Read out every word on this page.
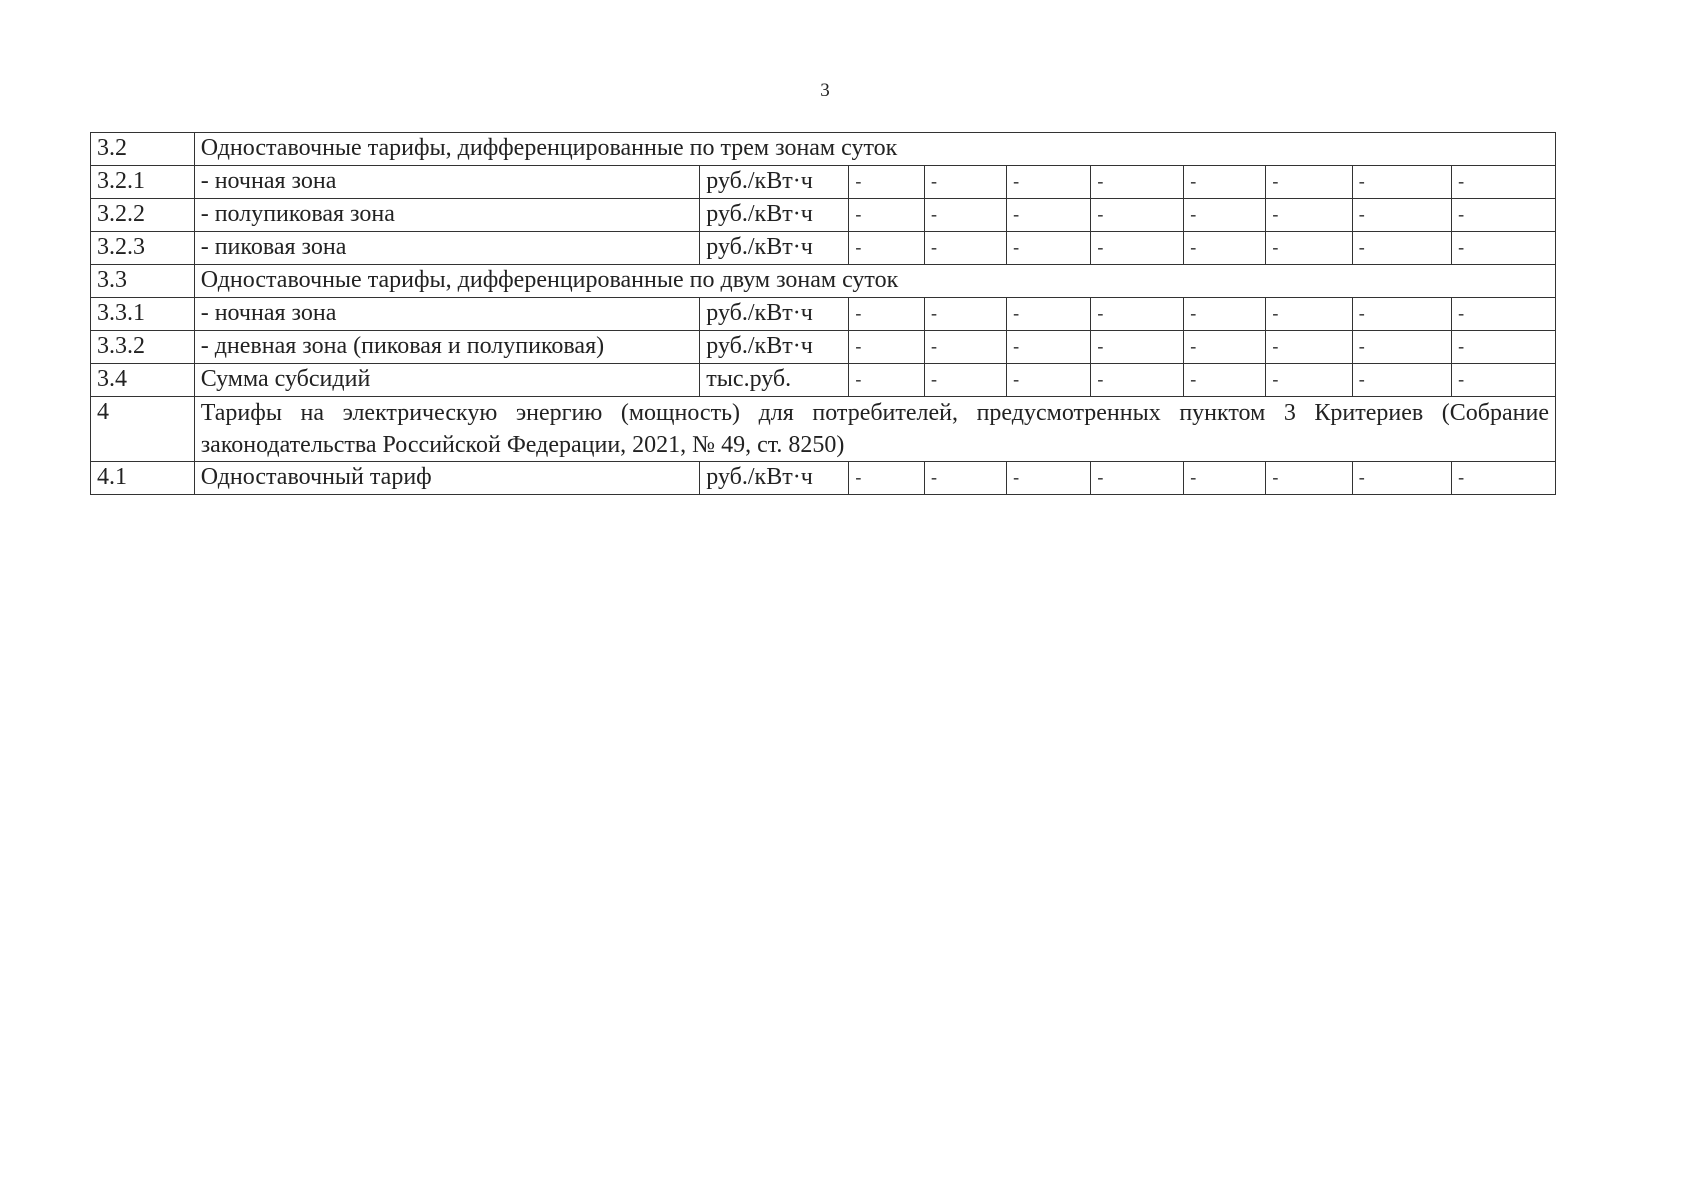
3
3.2	Одноставочные тарифы, дифференцированные по трем зонам суток									
3.2.1	- ночная зона	руб./кВт·ч	-	-	-	-	-	-	-	-
3.2.2	- полупиковая зона	руб./кВт·ч	-	-	-	-	-	-	-	-
3.2.3	- пиковая зона	руб./кВт·ч	-	-	-	-	-	-	-	-
3.3	Одноставочные тарифы, дифференцированные по двум зонам суток									
3.3.1	- ночная зона	руб./кВт·ч	-	-	-	-	-	-	-	-
3.3.2	- дневная зона (пиковая и полупиковая)	руб./кВт·ч	-	-	-	-	-	-	-	-
3.4	Сумма субсидий	тыс.руб.	-	-	-	-	-	-	-	-
4	Тарифы на электрическую энергию (мощность) для потребителей, предусмотренных пунктом 3 Критериев (Собрание законодательства Российской Федерации, 2021, № 49, ст. 8250)									
4.1	Одноставочный тариф	руб./кВт·ч	-	-	-	-	-	-	-	-
